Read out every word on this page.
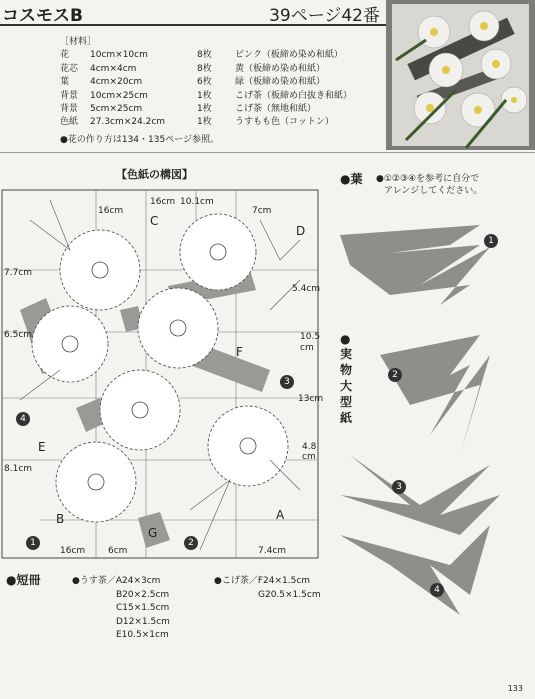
コスモスB	39ページ42番
［材料］
花 10cm×10cm	8枚	ピンク（板締め染め和紙）
花芯 4cm×4cm	8枚	黄（板締め染め和紙）
葉 4cm×20cm	6枚	緑（板締め染め和紙）
背景 10cm×25cm	1枚	こげ茶（板締め白抜き和紙）
背景 5cm×25cm	1枚	こげ茶（無地和紙）
色紙 27.3cm×24.2cm	1枚	うすもも色（コットン）
●花の作り方は134・135ページ参照。
【色紙の構図】
16cm
16cm
10.1cm
7cm
7.7cm
6.5cm
8.1cm
5.4cm
10.5
cm
13cm
4.8
cm
16cm	6cm	7.4cm
A
B
C
D
E
F
G
1	2
3
4
●葉 ●①②③④を参考に自分で
アレンジしてください。
実物大型紙
●
1
2
3
4
●短冊	●うす茶／A24×3cm
B20×2.5cm
C15×1.5cm
D12×1.5cm
E10.5×1cm
●こげ茶／F24×1.5cm
G20.5×1.5cm
133
